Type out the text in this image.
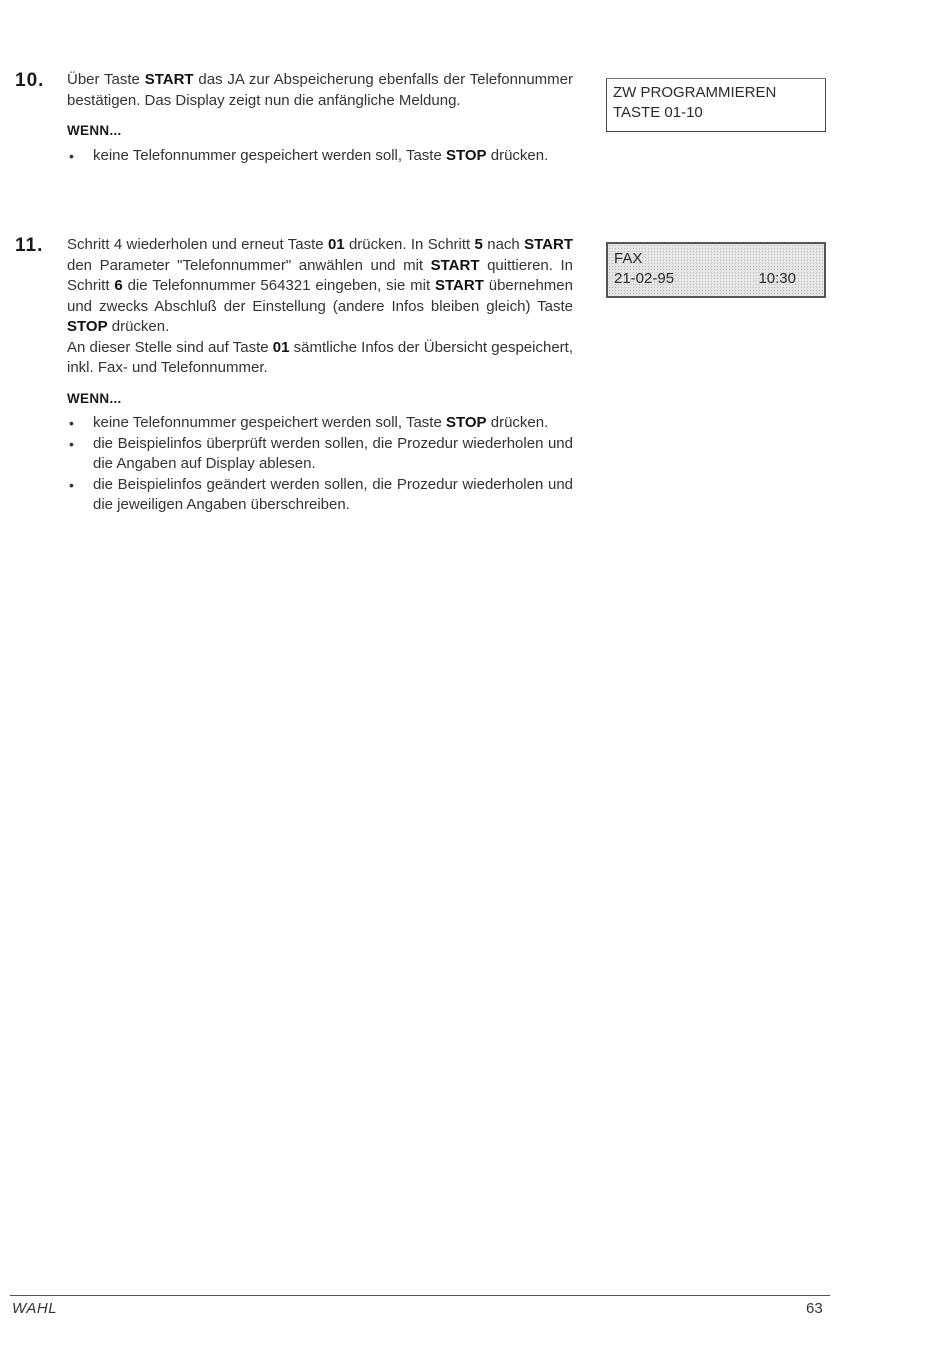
10. Über Taste START das JA zur Abspeicherung ebenfalls der Telefonnummer bestätigen. Das Display zeigt nun die anfängliche Meldung.
WENN...
• keine Telefonnummer gespeichert werden soll, Taste STOP drücken.
ZW PROGRAMMIEREN
TASTE 01-10
11. Schritt 4 wiederholen und erneut Taste 01 drücken. In Schritt 5 nach START den Parameter "Telefonnummer" anwählen und mit START quittieren. In Schritt 6 die Telefonnummer 564321 eingeben, sie mit START übernehmen und zwecks Abschluß der Einstellung (andere Infos bleiben gleich) Taste STOP drücken.
An dieser Stelle sind auf Taste 01 sämtliche Infos der Übersicht gespeichert, inkl. Fax- und Telefonnummer.
WENN...
• keine Telefonnummer gespeichert werden soll, Taste STOP drücken.
• die Beispielinfos überprüft werden sollen, die Prozedur wiederholen und die Angaben auf Display ablesen.
• die Beispielinfos geändert werden sollen, die Prozedur wiederholen und die jeweiligen Angaben überschreiben.
FAX
21-02-95	10:30
WAHL	63
